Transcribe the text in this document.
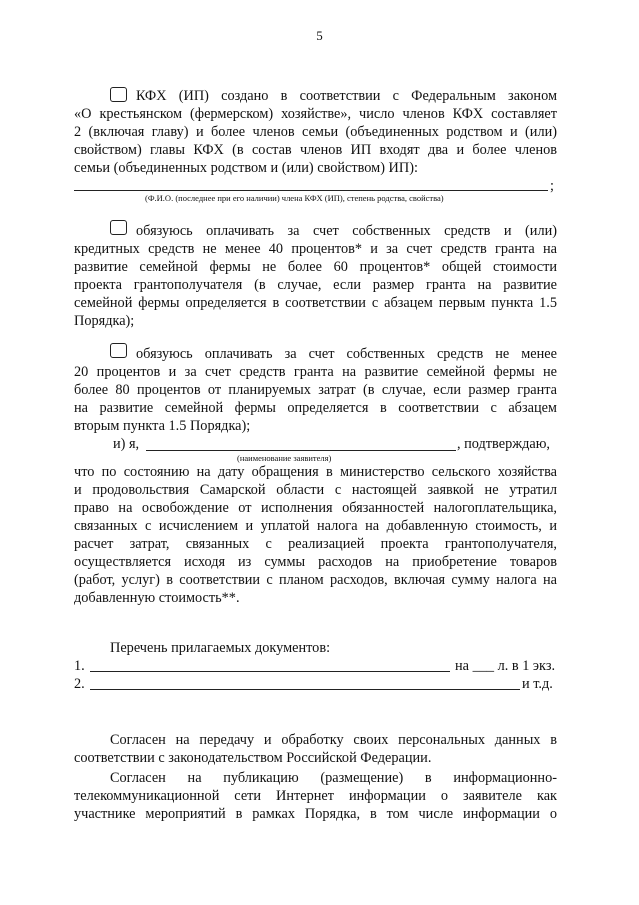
5
КФХ (ИП) создано в соответствии с Федеральным законом
«О крестьянском (фермерском) хозяйстве», число членов КФХ составляет
2 (включая главу) и более членов семьи (объединенных родством и (или)
свойством) главы КФХ (в состав членов ИП входят два и более членов
семьи (объединенных родством и (или) свойством) ИП):
;
(Ф.И.О. (последнее при его наличии) члена КФХ (ИП), степень родства, свойства)
обязуюсь оплачивать за счет собственных средств и (или)
кредитных средств не менее 40 процентов* и за счет средств гранта на
развитие семейной фермы не более 60 процентов* общей стоимости
проекта грантополучателя (в случае, если размер гранта на развитие
семейной фермы определяется в соответствии с абзацем первым пункта 1.5
Порядка);
обязуюсь оплачивать за счет собственных средств не менее
20 процентов и за счет средств гранта на развитие семейной фермы не
более 80 процентов от планируемых затрат (в случае, если размер гранта
на развитие семейной фермы определяется в соответствии с абзацем
вторым пункта 1.5 Порядка);
и) я,	, подтверждаю,
(наименование заявителя)
что по состоянию на дату обращения в министерство сельского хозяйства
и продовольствия Самарской области с настоящей заявкой не утратил
право на освобождение от исполнения обязанностей налогоплательщика,
связанных с исчислением и уплатой налога на добавленную стоимость, и
расчет затрат, связанных с реализацией проекта грантополучателя,
осуществляется исходя из суммы расходов на приобретение товаров
(работ, услуг) в соответствии с планом расходов, включая сумму налога на
добавленную стоимость**.
Перечень прилагаемых документов:
1.	на ___ л. в 1 экз.
2.	и т.д.
Согласен на передачу и обработку своих персональных данных в
соответствии с законодательством Российской Федерации.
Согласен на публикацию (размещение) в информационно-
телекоммуникационной сети Интернет информации о заявителе как
участнике мероприятий в рамках Порядка, в том числе информации о
